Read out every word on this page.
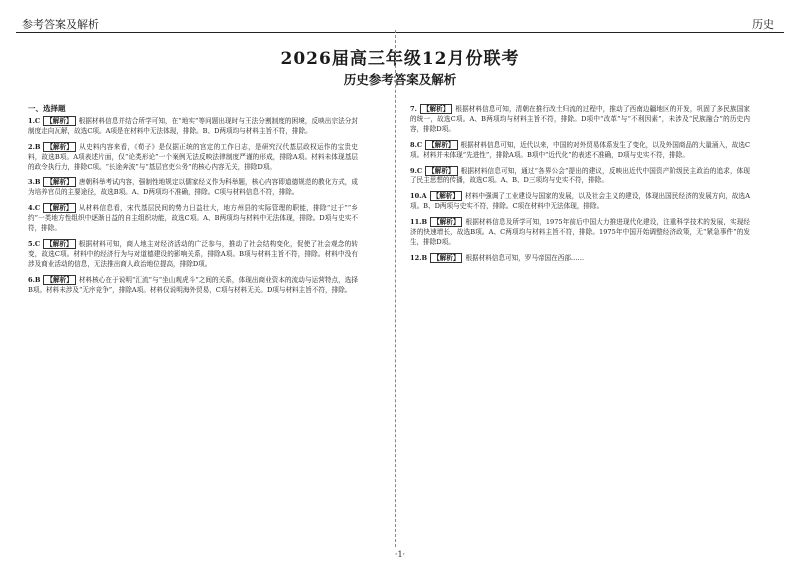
参考答案及解析	历史
2026届高三年级12月份联考
历史参考答案及解析
一、选择题
1.C 【解析】 根据材料信息并结合所学可知，在“地实”等问题出现时与王法分割制度的困境，反映出宗法分封制度走向瓦解，故选C项。A项是在材料中无法体现，排除。B、D两项均与材料主旨不符，排除。
2.B 【解析】 从史料内容来看，《荀子》是仅据正统的宫定的工作日志，是研究汉代基层政权运作的宝贵史料，故选B项。A项表述片面，仅“论类形论”一个案例无法反映法律制度严谨的形成，排除A项。材料未体现基层的政令执行力，排除C项。“长途奔波”与“基层官吏公务”的核心内容无关，排除D项。
3.B 【解析】 唐朝科举考试内容，强制性地规定以儒家经义作为科举题，核心内容即道德规范的教化方式，成为培养官员的主要途径，故选B项。A、D两项均不准确，排除。C项与材料信息不符，排除。
4.C 【解析】 从材料信息看，宋代基层民间的势力日益壮大，地方州县的实际管理的职能，排除“过于”“乡约”一类地方性组织中逐渐日益的自主组织功能，故选C项。A、B两项均与材料中无法体现，排除。D项与史实不符，排除。
5.C 【解析】 根据材料可知，商人地主对经济活动的广泛参与，推动了社会结构变化，促使了社会观念的转变，故选C项。材料中的经济行为与对道德建设的影响关系，排除A项。B项与材料主旨不符，排除。材料中没有涉及商业活动的信息，无法推出商人政治地位提高，排除D项。
6.B 【解析】 材料核心在于说明“汇流”与“坐山观虎斗”之间的关系，体现出商业资本的流动与运营特点，选择B项。材料未涉及“无序竞争”，排除A项。材料仅说明海外贸易，C项与材料无关。D项与材料主旨不符，排除。
7. 【解析】 根据材料信息可知，清朝在推行改土归流的过程中，推动了西南边疆地区的开发，巩固了多民族国家的统一，故选C项。A、B两项均与材料主旨不符，排除。D项中“改革”与“不利因素”，未涉及“民族融合”的历史内容，排除D项。
8.C 【解析】 根据材料信息可知，近代以来，中国的对外贸易体系发生了变化，以及外国商品的大量涌入，故选C项。材料并未体现“先进性”，排除A项。B项中“近代化”的表述不准确，D项与史实不符，排除。
9.C 【解析】 根据材料信息可知，通过“各界公会”提出的建议，反映出近代中国资产阶级民主政治的追求，体现了民主思想的传播，故选C项。A、B、D三项均与史实不符，排除。
10.A 【解析】 材料中强调了工业建设与国家的发展，以及社会主义的建设，体现出国民经济的发展方向，故选A项。B、D两项与史实不符，排除。C项在材料中无法体现，排除。
11.B 【解析】 根据材料信息及所学可知，1975年前后中国大力推进现代化建设，注重科学技术的发展，实现经济的快速增长，故选B项。A、C两项均与材料主旨不符，排除。1975年中国开始调整经济政策，无“紧急事件”的发生，排除D项。
12.B 【解析】 根据材料信息可知，罗马帝国在西部……
·1·
